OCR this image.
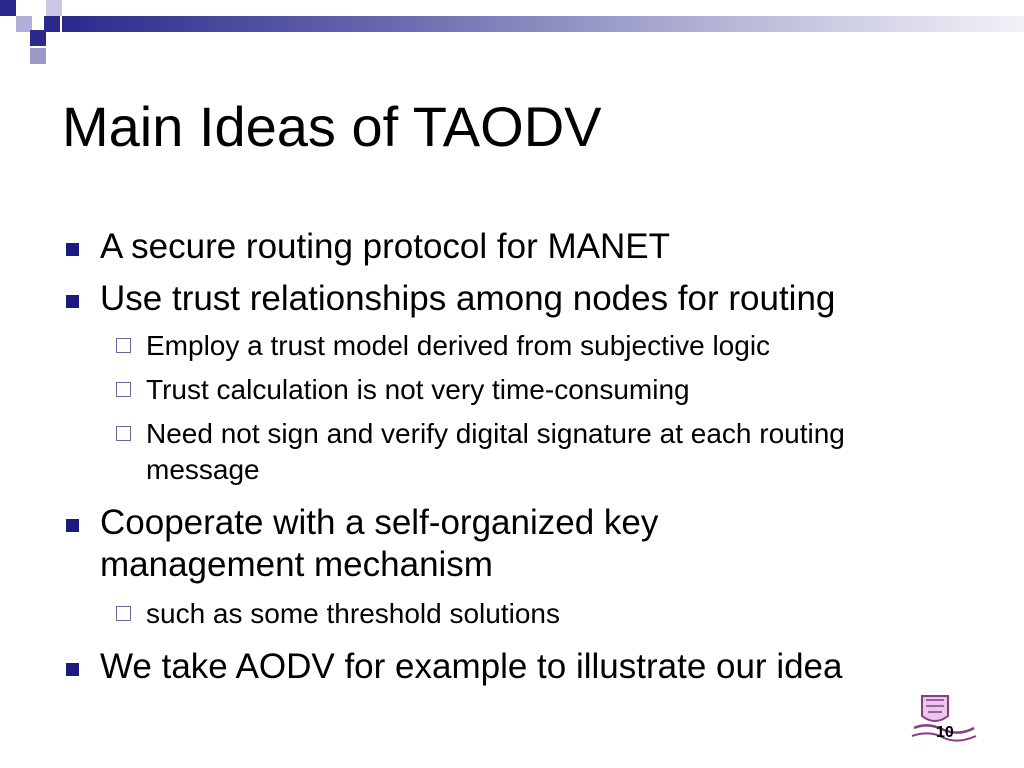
Main Ideas of TAODV
A secure routing protocol for MANET
Use trust relationships among nodes for routing
Employ a trust model derived from subjective logic
Trust calculation is not very time-consuming
Need not sign and verify digital signature at each routing message
Cooperate with a self-organized key management mechanism
such as some threshold solutions
We take AODV for example to illustrate our idea
10
